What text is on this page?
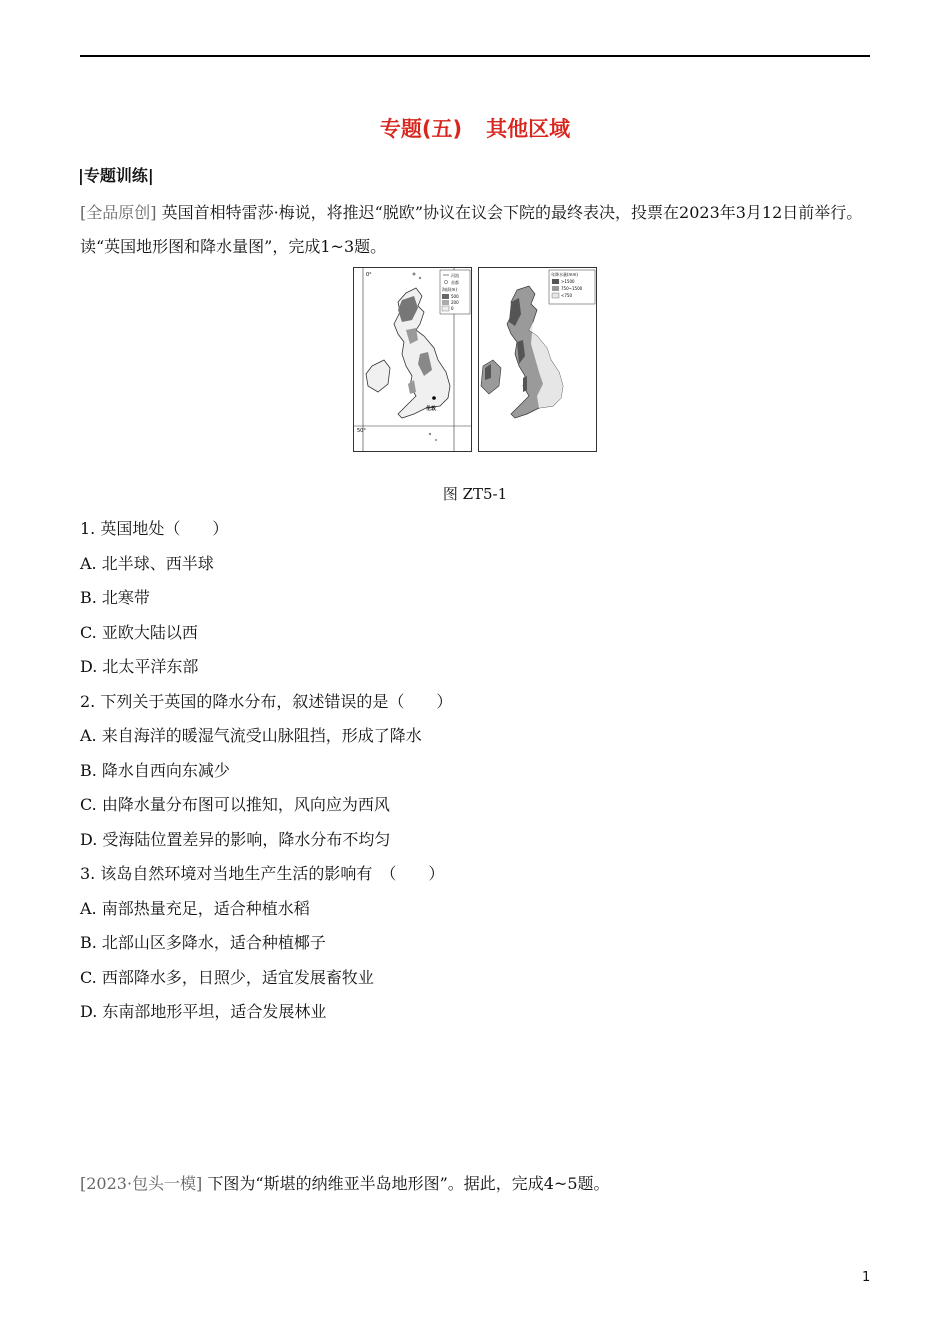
专题(五) 其他区域
|专题训练|
[全品原创] 英国首相特雷莎·梅说，将推迟“脱欧”协议在议会下院的最终表决，投票在2023年3月12日前举行。读“英国地形图和降水量图”，完成1~3题。
0°
50°
伦敦
河流
首都
海拔(m)
500
200
0
年降水量(mm)
>1500
750~1500
<750
图 ZT5-1
1. 英国地处（　　）
A. 北半球、西半球
B. 北寒带
C. 亚欧大陆以西
D. 北太平洋东部
2. 下列关于英国的降水分布，叙述错误的是（　　）
A. 来自海洋的暖湿气流受山脉阻挡，形成了降水
B. 降水自西向东减少
C. 由降水量分布图可以推知，风向应为西风
D. 受海陆位置差异的影响，降水分布不均匀
3. 该岛自然环境对当地生产生活的影响有　（　　）
A. 南部热量充足，适合种植水稻
B. 北部山区多降水，适合种植椰子
C. 西部降水多，日照少，适宜发展畜牧业
D. 东南部地形平坦，适合发展林业
[2023·包头一模] 下图为“斯堪的纳维亚半岛地形图”。据此，完成4~5题。
1
